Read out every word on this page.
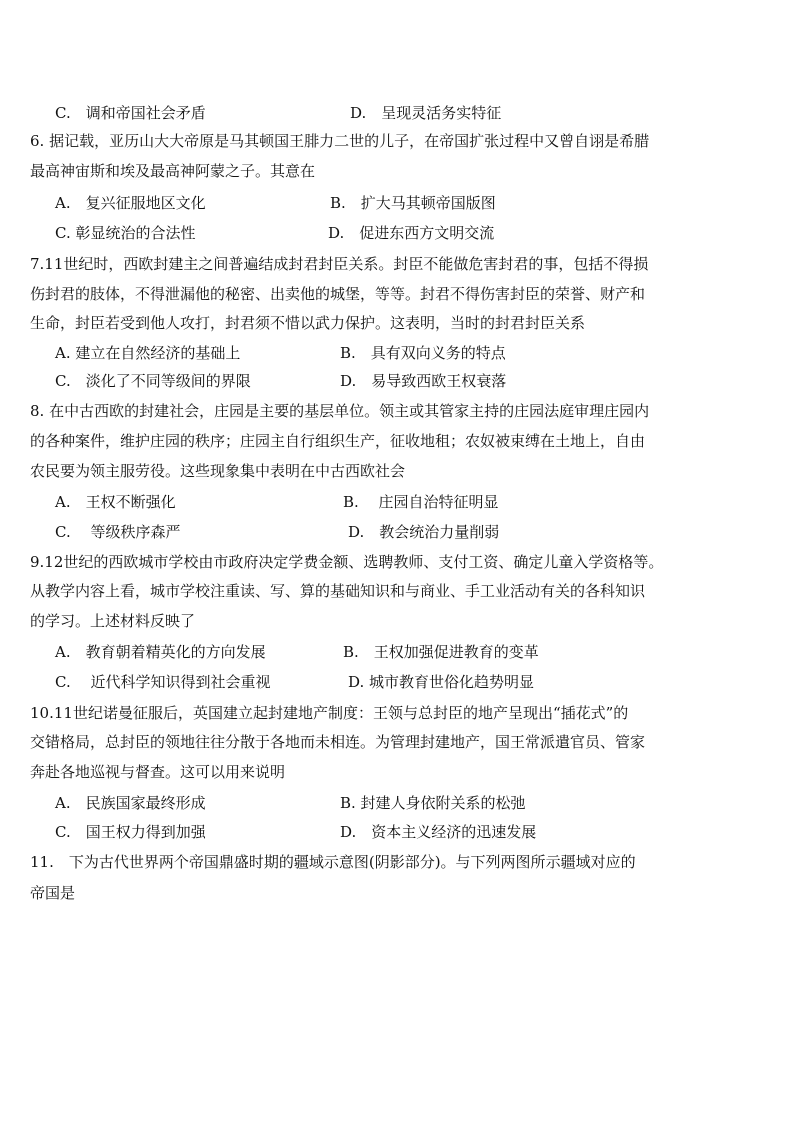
C.　调和帝国社会矛盾	D.　呈现灵活务实特征
6. 据记载，亚历山大大帝原是马其顿国王腓力二世的儿子，在帝国扩张过程中又曾自诩是希腊
最高神宙斯和埃及最高神阿蒙之子。其意在
A.　复兴征服地区文化	B.　扩大马其顿帝国版图
C. 彰显统治的合法性	D.　促进东西方文明交流
7.11世纪时，西欧封建主之间普遍结成封君封臣关系。封臣不能做危害封君的事，包括不得损
伤封君的肢体，不得泄漏他的秘密、出卖他的城堡，等等。封君不得伤害封臣的荣誉、财产和
生命，封臣若受到他人攻打，封君须不惜以武力保护。这表明，当时的封君封臣关系
A. 建立在自然经济的基础上	B.　具有双向义务的特点
C.　淡化了不同等级间的界限	D.　易导致西欧王权衰落
8. 在中古西欧的封建社会，庄园是主要的基层单位。领主或其管家主持的庄园法庭审理庄园内
的各种案件，维护庄园的秩序；庄园主自行组织生产，征收地租；农奴被束缚在土地上，自由
农民要为领主服劳役。这些现象集中表明在中古西欧社会
A.　王权不断强化	B.　 庄园自治特征明显
C.　 等级秩序森严	D.　教会统治力量削弱
9.12世纪的西欧城市学校由市政府决定学费金额、选聘教师、支付工资、确定儿童入学资格等。
从教学内容上看，城市学校注重读、写、算的基础知识和与商业、手工业活动有关的各科知识
的学习。上述材料反映了
A.　教育朝着精英化的方向发展	B.　王权加强促进教育的变革
C.　 近代科学知识得到社会重视	D. 城市教育世俗化趋势明显
10.11世纪诺曼征服后，英国建立起封建地产制度：王领与总封臣的地产呈现出“插花式”的
交错格局，总封臣的领地往往分散于各地而未相连。为管理封建地产，国王常派遣官员、管家
奔赴各地巡视与督查。这可以用来说明
A.　民族国家最终形成	B. 封建人身依附关系的松弛
C.　国王权力得到加强	D.　资本主义经济的迅速发展
11.　下为古代世界两个帝国鼎盛时期的疆域示意图(阴影部分)。与下列两图所示疆域对应的
帝国是
